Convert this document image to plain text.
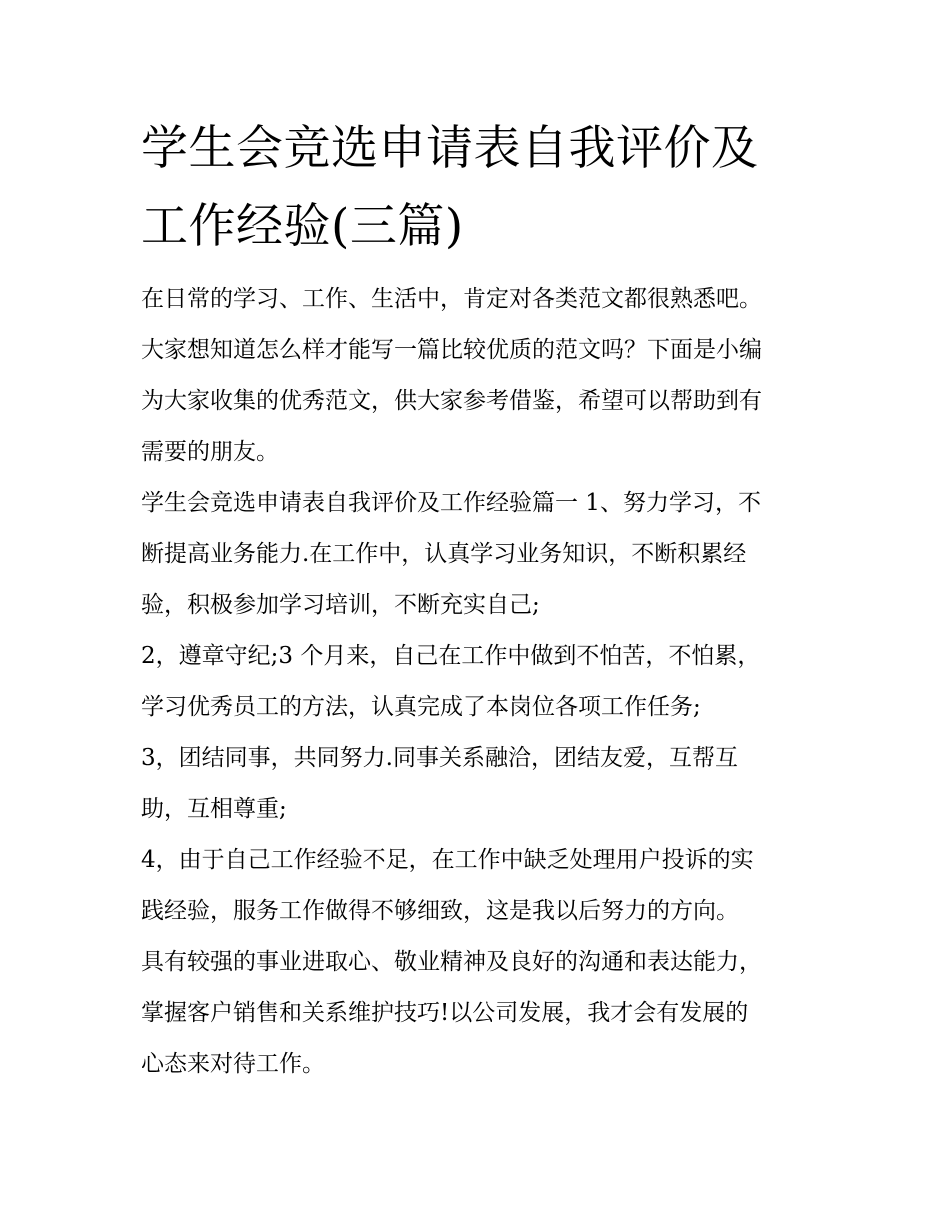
学生会竞选申请表自我评价及
工作经验(三篇)

在日常的学习、工作、生活中，肯定对各类范文都很熟悉吧。
大家想知道怎么样才能写一篇比较优质的范文吗？下面是小编
为大家收集的优秀范文，供大家参考借鉴，希望可以帮助到有
需要的朋友。

学生会竞选申请表自我评价及工作经验篇一 1、努力学习，不
断提高业务能力.在工作中，认真学习业务知识，不断积累经
验，积极参加学习培训，不断充实自己;

2，遵章守纪;3 个月来，自己在工作中做到不怕苦，不怕累，
学习优秀员工的方法，认真完成了本岗位各项工作任务;

3，团结同事，共同努力.同事关系融洽，团结友爱，互帮互
助，互相尊重;

4，由于自己工作经验不足，在工作中缺乏处理用户投诉的实
践经验，服务工作做得不够细致，这是我以后努力的方向。

具有较强的事业进取心、敬业精神及良好的沟通和表达能力，
掌握客户销售和关系维护技巧!以公司发展，我才会有发展的
心态来对待工作。
